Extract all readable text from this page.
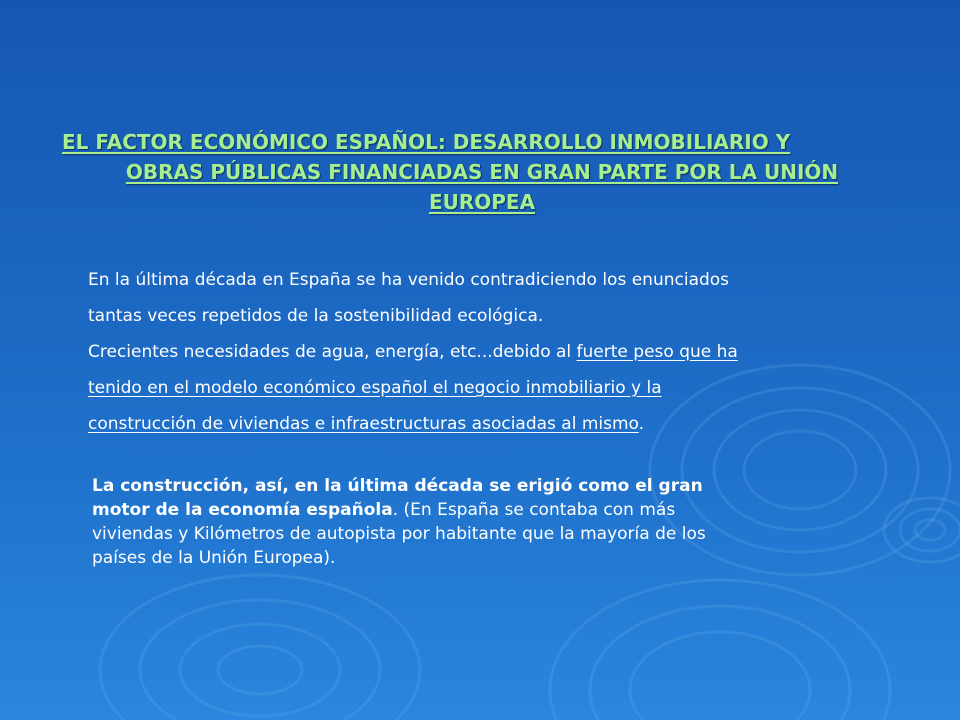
EL FACTOR ECONÓMICO ESPAÑOL: DESARROLLO INMOBILIARIO Y
OBRAS PÚBLICAS FINANCIADAS EN GRAN PARTE POR LA UNIÓN
EUROPEA

En la última década en España se ha venido contradiciendo los enunciados
tantas veces repetidos de la sostenibilidad ecológica.
Crecientes necesidades de agua, energía, etc...debido al fuerte peso que ha
tenido en el modelo económico español el negocio inmobiliario y la
construcción de viviendas e infraestructuras asociadas al mismo.

La construcción, así, en la última década se erigió como el gran
motor de la economía española. (En España se contaba con más
viviendas y Kilómetros de autopista por habitante que la mayoría de los
países de la Unión Europea).
